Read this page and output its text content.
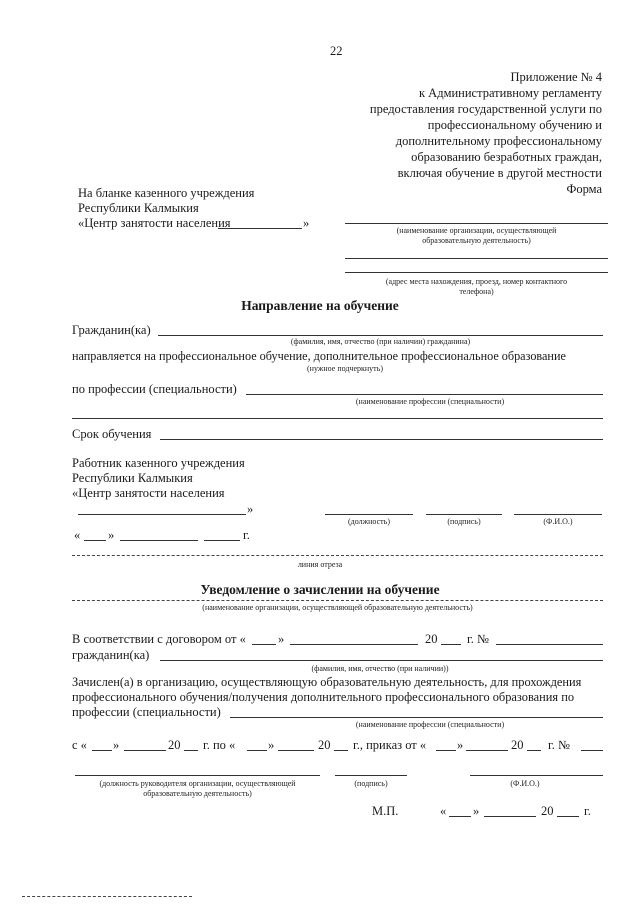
22
Приложение № 4
к Административному регламенту
предоставления государственной услуги по
профессиональному обучению и
дополнительному профессиональному
образованию безработных граждан,
включая обучение в другой местности
Форма
На бланке казенного учреждения
Республики Калмыкия
«Центр занятости населения	»
(наименование организации, осуществляющей
образовательную деятельность)
(адрес места нахождения, проезд, номер контактного
телефона)
Направление на обучение
Гражданин(ка)
(фамилия, имя, отчество (при наличии) гражданина)
направляется на профессиональное обучение, дополнительное профессиональное образование
(нужное подчеркнуть)
по профессии (специальности)
(наименование профессии (специальности)
Срок обучения
Работник казенного учреждения
Республики Калмыкия
«Центр занятости населения
»
(должность)	(подпись)	(Ф.И.О.)
« »	г.
линия отреза
Уведомление о зачислении на обучение
(наименование организации, осуществляющей образовательную деятельность)
В соответствии с договором от «	»	20 г. №
гражданин(ка)
(фамилия, имя, отчество (при наличии))
Зачислен(а) в организацию, осуществляющую образовательную деятельность, для прохождения
профессионального обучения/получения дополнительного профессионального образования по
профессии (специальности)
(наименование профессии (специальности)
с « »	20 г. по «	»	20 г., приказ от « »	20 г. №
(должность руководителя организации, осуществляющей
образовательную деятельность)
(подпись)	(Ф.И.О.)
М.П.	« »	20 г.
